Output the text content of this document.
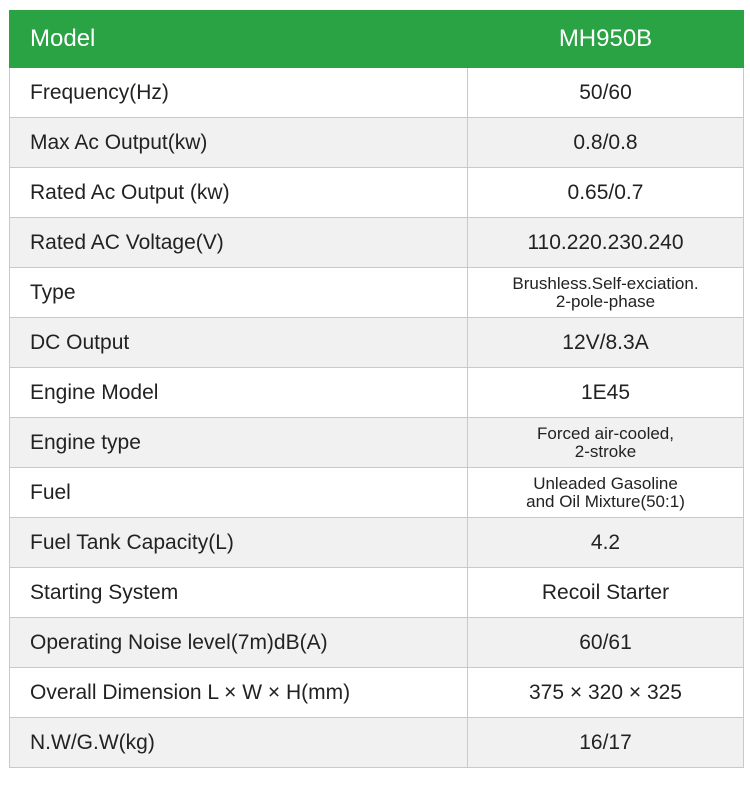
Model	MH950B
Frequency(Hz)	50/60

Max Ac Output(kw)	0.8/0.8

Rated Ac Output (kw)	0.65/0.7

Rated AC Voltage(V)	110.220.230.240

Type	Brushless.Self-exciation.
2-pole-phase

DC Output	12V/8.3A

Engine Model	1E45

Engine type	Forced air-cooled,
2-stroke

Fuel	Unleaded Gasoline
and Oil Mixture(50:1)

Fuel Tank Capacity(L)	4.2

Starting System	Recoil Starter

Operating Noise level(7m)dB(A)	60/61

Overall Dimension L × W × H(mm)	375 × 320 × 325

N.W/G.W(kg)	16/17
